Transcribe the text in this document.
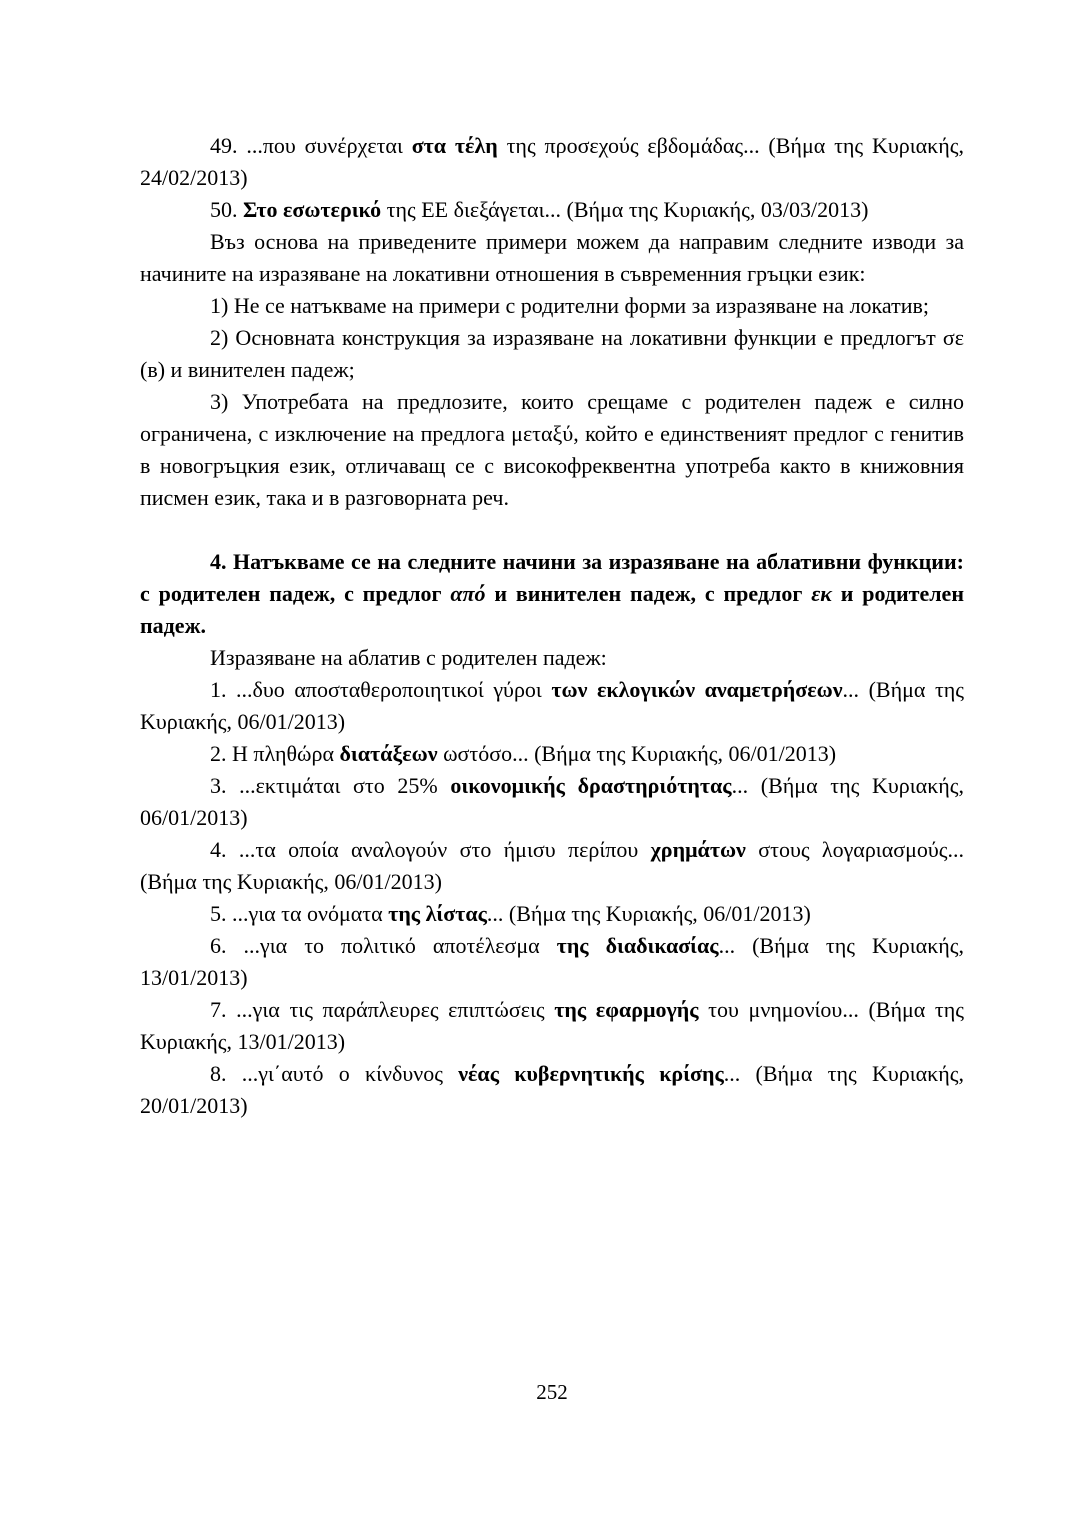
49. ...που συνέρχεται στα τέλη της προσεχούς εβδομάδας... (Βήμα της Κυριακής, 24/02/2013)

50. Στο εσωτερικό της ΕΕ διεξάγεται... (Βήμα της Κυριακής, 03/03/2013)

Въз основа на приведените примери можем да направим следните изводи за начините на изразяване на локативни отношения в съвременния гръцки език:

1) Не се натъкваме на примери с родителни форми за изразяване на локатив;

2) Основната конструкция за изразяване на локативни функции е предлогът σε (в) и винителен падеж;

3) Употребата на предлозите, които срещаме с родителен падеж е силно ограничена, с изключение на предлога μεταξύ, който е единственият предлог с генитив в новогръцкия език, отличаващ се с високофреквентна употреба както в книжовния писмен език, така и в разговорната реч.

4. Натъкваме се на следните начини за изразяване на аблативни функции: с родителен падеж, с предлог από и винителен падеж, с предлог εκ и родителен падеж.

Изразяване на аблатив с родителен падеж:

1. ...δυο αποσταθεροποιητικοί γύροι των εκλογικών αναμετρήσεων... (Βήμα της Κυριακής, 06/01/2013)

2. Η πληθώρα διατάξεων ωστόσο... (Βήμα της Κυριακής, 06/01/2013)

3. ...εκτιμάται στο 25% οικονομικής δραστηριότητας... (Βήμα της Κυριακής, 06/01/2013)

4. ...τα οποία αναλογούν στο ήμισυ περίπου χρημάτων στους λογαριασμούς... (Βήμα της Κυριακής, 06/01/2013)

5. ...για τα ονόματα της λίστας... (Βήμα της Κυριακής, 06/01/2013)

6. ...για το πολιτικό αποτέλεσμα της διαδικασίας... (Βήμα της Κυριακής, 13/01/2013)

7. ...για τις παράπλευρες επιπτώσεις της εφαρμογής του μνημονίου... (Βήμα της Κυριακής, 13/01/2013)

8. ...γι΄αυτό ο κίνδυνος νέας κυβερνητικής κρίσης... (Βήμα της Κυριακής, 20/01/2013)

252
